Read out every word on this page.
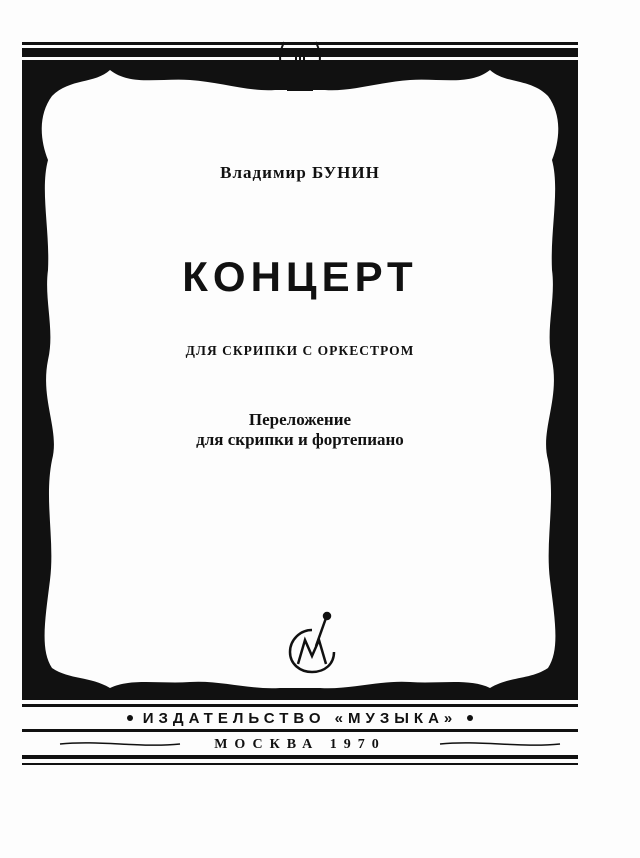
Владимир БУНИН
КОНЦЕРТ
ДЛЯ СКРИПКИ С ОРКЕСТРОМ
Переложение
для скрипки и фортепиано
ИЗДАТЕЛЬСТВО «МУЗЫКА»
МОСКВА 1970
